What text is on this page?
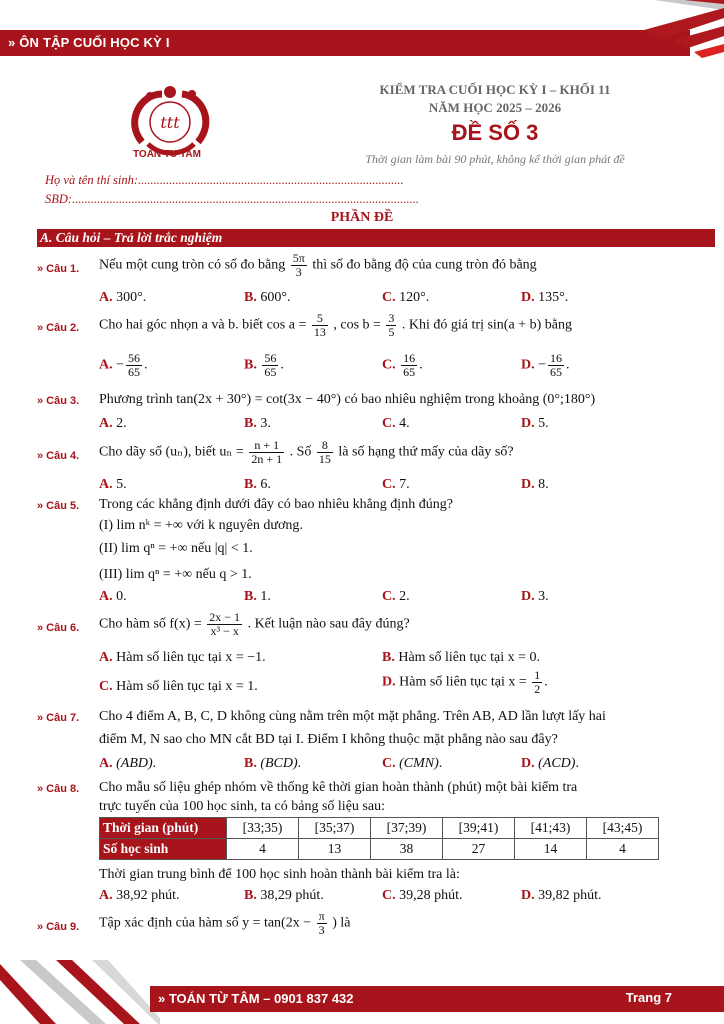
» ÔN TẬP CUỐI HỌC KỲ I
ttt
TOAN TU TAM
KIỂM TRA CUỐI HỌC KỲ I – KHỐI 11
NĂM HỌC 2025 – 2026
ĐỀ SỐ 3
Thời gian làm bài 90 phút, không kể thời gian phát đề
Họ và tên thí sinh:.....................................................................................
SBD:...............................................................................................................
PHẦN ĐỀ
A. Câu hỏi – Trả lời trắc nghiệm
» Câu 1. Nếu một cung tròn có số đo bằng $\frac{5\pi}{3}$ thì số đo bằng độ của cung tròn đó bằng
A. 300°.	B. 600°.	C. 120°.	D. 135°.
» Câu 2. Cho hai góc nhọn a và b. biết $\cos a = \frac{5}{13}$ , $\cos b = \frac{3}{5}$ . Khi đó giá trị sin(a + b) bằng
A. − $\frac{56}{65}$ .	B. $\frac{56}{65}$ .	C. $\frac{16}{65}$ .	D. − $\frac{16}{65}$ .
» Câu 3. Phương trình tan(2x + 30°) = cot(3x − 40°) có bao nhiêu nghiệm trong khoảng (0°;180°)
A. 2.	B. 3.	C. 4.	D. 5.
» Câu 4. Cho dãy số (uₙ), biết $u_n = \frac{n + 1}{2n + 1}$ . Số $\frac{8}{15}$ là số hạng thứ mấy của dãy số?
A. 5.	B. 6.	C. 7.	D. 8.
» Câu 5. Trong các khẳng định dưới đây có bao nhiêu khẳng định đúng?
(I) lim nᵏ = +∞ với k nguyên dương.
(II) lim qⁿ = +∞ nếu |q| < 1.
(III) lim qⁿ = +∞ nếu q > 1.
A. 0.	B. 1.	C. 2.	D. 3.
» Câu 6. Cho hàm số $f(x) = \frac{2x - 1}{\text{x³ − x}}$ . Kết luận nào sau đây đúng?
A. Hàm số liên tục tại x = −1.	B. Hàm số liên tục tại x = 0.
C. Hàm số liên tục tại x = 1.	D. Hàm số liên tục tại $x = \frac{1}{2}$ .
» Câu 7. Cho 4 điểm A, B, C, D không cùng nằm trên một mặt phẳng. Trên AB, AD lần lượt lấy hai
điểm M, N sao cho MN cắt BD tại I. Điểm I không thuộc mặt phẳng nào sau đây?
A. (ABD).	B. (BCD).	C. (CMN).	D. (ACD).
» Câu 8. Cho mẫu số liệu ghép nhóm về thống kê thời gian hoàn thành (phút) một bài kiểm tra
trực tuyến của 100 học sinh, ta có bảng số liệu sau:
Thời gian (phút)	[33;35)	[35;37)	[37;39)	[39;41)	[41;43)	[43;45)
Số học sinh	4	13	38	27	14	4
Thời gian trung bình để 100 học sinh hoàn thành bài kiểm tra là:
A. 38,92 phút.	B. 38,29 phút.	C. 39,28 phút.	D. 39,82 phút.
» Câu 9. Tập xác định của hàm số $y = \tan(2x - \frac{\pi}{3}$ ) là
» TOÁN TỪ TÂM – 0901 837 432	Trang 7
